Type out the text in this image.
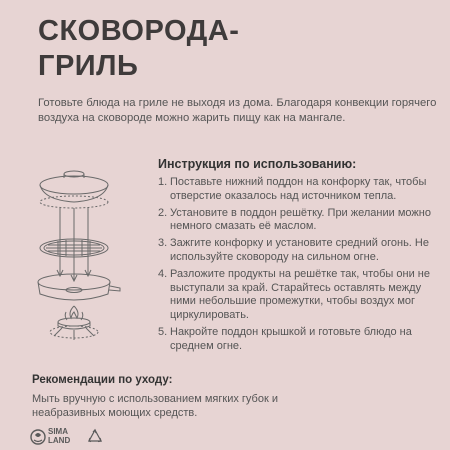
СКОВОРОДА-
ГРИЛЬ

Готовьте блюда на гриле не выходя из дома. Благодаря конвекции горячего воздуха на сковороде можно жарить пищу как на мангале.

Инструкция по использованию:
1. Поставьте нижний поддон на конфорку так, чтобы отверстие оказалось над источником тепла.
2. Установите в поддон решётку. При желании можно немного смазать её маслом.
3. Зажгите конфорку и установите средний огонь. Не используйте сковороду на сильном огне.
4. Разложите продукты на решётке так, чтобы они не выступали за край. Старайтесь оставлять между ними небольшие промежутки, чтобы воздух мог циркулировать.
5. Накройте поддон крышкой и готовьте блюдо на среднем огне.
Рекомендации по уходу:

Мыть вручную с использованием мягких губок и неабразивных моющих средств.

SIMA
LAND
